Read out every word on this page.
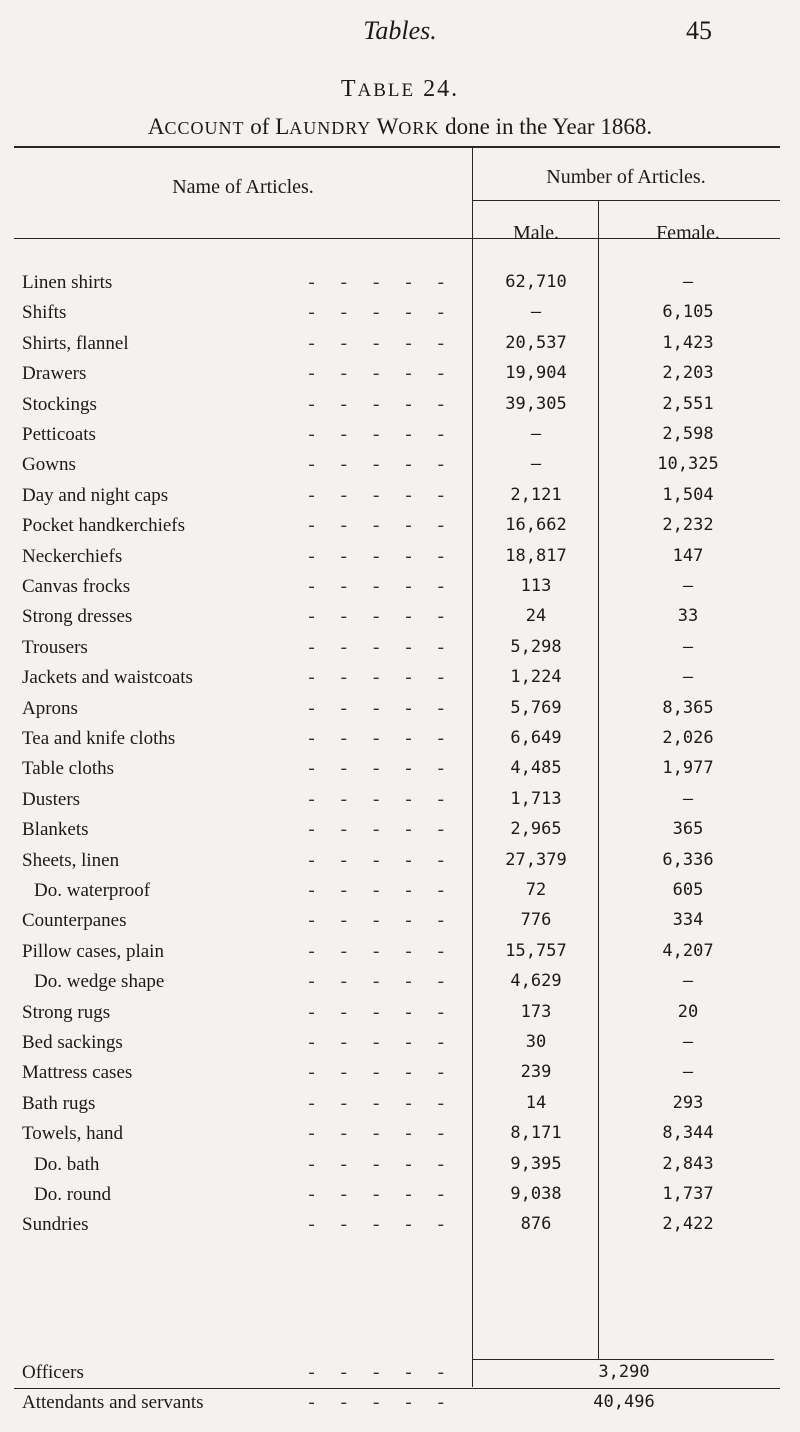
Tables.	45
TABLE 24.
ACCOUNT of LAUNDRY WORK done in the Year 1868.
Name of Articles.	Number of Articles.
Male.	Female.
Linen shirts	-----	62,710	—
Shifts	-----	—	6,105
Shirts, flannel	-----	20,537	1,423
Drawers	-----	19,904	2,203
Stockings	-----	39,305	2,551
Petticoats	-----	—	2,598
Gowns	-----	—	10,325
Day and night caps	-----	2,121	1,504
Pocket handkerchiefs	-----	16,662	2,232
Neckerchiefs	-----	18,817	147
Canvas frocks	-----	113	—
Strong dresses	-----	24	33
Trousers	-----	5,298	—
Jackets and waistcoats	-----	1,224	—
Aprons	-----	5,769	8,365
Tea and knife cloths	-----	6,649	2,026
Table cloths	-----	4,485	1,977
Dusters	-----	1,713	—
Blankets	-----	2,965	365
Sheets, linen	-----	27,379	6,336
Do. waterproof	-----	72	605
Counterpanes	-----	776	334
Pillow cases, plain	-----	15,757	4,207
Do. wedge shape	-----	4,629	—
Strong rugs	-----	173	20
Bed sackings	-----	30	—
Mattress cases	-----	239	—
Bath rugs	-----	14	293
Towels, hand	-----	8,171	8,344
Do. bath	-----	9,395	2,843
Do. round	-----	9,038	1,737
Sundries	-----	876	2,422
Officers	-----	3,290
Attendants and servants	-----	40,496
